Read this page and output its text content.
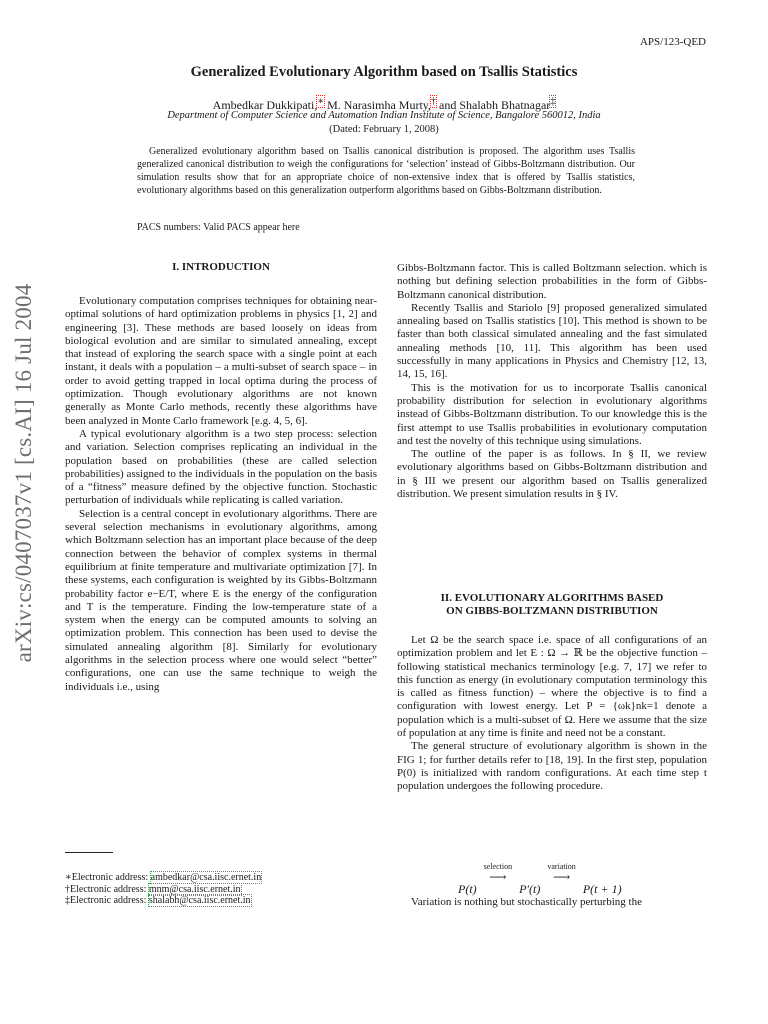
arXiv:cs/0407037v1 [cs.AI] 16 Jul 2004
APS/123-QED
Generalized Evolutionary Algorithm based on Tsallis Statistics
Ambedkar Dukkipati,∗ M. Narasimha Murty,† and Shalabh Bhatnagar‡
Department of Computer Science and Automation Indian Institute of Science, Bangalore 560012, India
(Dated: February 1, 2008)
Generalized evolutionary algorithm based on Tsallis canonical distribution is proposed. The algorithm uses Tsallis generalized canonical distribution to weigh the configurations for ‘selection’ instead of Gibbs-Boltzmann distribution. Our simulation results show that for an appropriate choice of non-extensive index that is offered by Tsallis statistics, evolutionary algorithms based on this generalization outperform algorithms based on Gibbs-Boltzmann distribution.
PACS numbers: Valid PACS appear here
I. INTRODUCTION

Evolutionary computation comprises techniques for obtaining near-optimal solutions of hard optimization problems in physics [1, 2] and engineering [3]. These methods are based loosely on ideas from biological evolution and are similar to simulated annealing, except that instead of exploring the search space with a single point at each instant, it deals with a population – a multi-subset of search space – in order to avoid getting trapped in local optima during the process of optimization. Though evolutionary algorithms are not known generally as Monte Carlo methods, recently these algorithms have been analyzed in Monte Carlo framework [e.g. 4, 5, 6].

A typical evolutionary algorithm is a two step process: selection and variation. Selection comprises replicating an individual in the population based on probabilities (these are called selection probabilities) assigned to the individuals in the population on the basis of a “fitness” measure defined by the objective function. Stochastic perturbation of individuals while replicating is called variation.

Selection is a central concept in evolutionary algorithms. There are several selection mechanisms in evolutionary algorithms, among which Boltzmann selection has an important place because of the deep connection between the behavior of complex systems in thermal equilibrium at finite temperature and multivariate optimization [7]. In these systems, each configuration is weighted by its Gibbs-Boltzmann probability factor e−E/T, where E is the energy of the configuration and T is the temperature. Finding the low-temperature state of a system when the energy can be computed amounts to solving an optimization problem. This connection has been used to devise the simulated annealing algorithm [8]. Similarly for evolutionary algorithms in the selection process where one would select “better” configurations, one can use the same technique to weigh the individuals i.e., using

Gibbs-Boltzmann factor. This is called Boltzmann selection. which is nothing but defining selection probabilities in the form of Gibbs-Boltzmann canonical distribution.

Recently Tsallis and Stariolo [9] proposed generalized simulated annealing based on Tsallis statistics [10]. This method is shown to be faster than both classical simulated annealing and the fast simulated annealing methods [10, 11]. This algorithm has been used successfully in many applications in Physics and Chemistry [12, 13, 14, 15, 16].

This is the motivation for us to incorporate Tsallis canonical probability distribution for selection in evolutionary algorithms instead of Gibbs-Boltzmann distribution. To our knowledge this is the first attempt to use Tsallis probabilities in evolutionary computation and test the novelty of this technique using simulations.

The outline of the paper is as follows. In § II, we review evolutionary algorithms based on Gibbs-Boltzmann distribution and in § III we present our algorithm based on Tsallis generalized distribution. We present simulation results in § IV.

II. EVOLUTIONARY ALGORITHMS BASED
ON GIBBS-BOLTZMANN DISTRIBUTION

Let Ω be the search space i.e. space of all configurations of an optimization problem and let E : Ω → ℝ be the objective function – following statistical mechanics terminology [e.g. 7, 17] we refer to this function as energy (in evolutionary computation terminology this is called as fitness function) – where the objective is to find a configuration with lowest energy. Let P = {ωk}nk=1 denote a population which is a multi-subset of Ω. Here we assume that the size of population at any time is finite and need not be a constant.

The general structure of evolutionary algorithm is shown in the FIG 1; for further details refer to [18, 19]. In the first step, population P(0) is initialized with random configurations. At each time step t population undergoes the following procedure.

P(t) $^{selection}$
⟶ P′(t) $^{variation}$
⟶ P(t + 1)
Variation is nothing but stochastically perturbing the
∗Electronic address: ambedkar@csa.iisc.ernet.in
†Electronic address: mnm@csa.iisc.ernet.in
‡Electronic address: shalabh@csa.iisc.ernet.in
